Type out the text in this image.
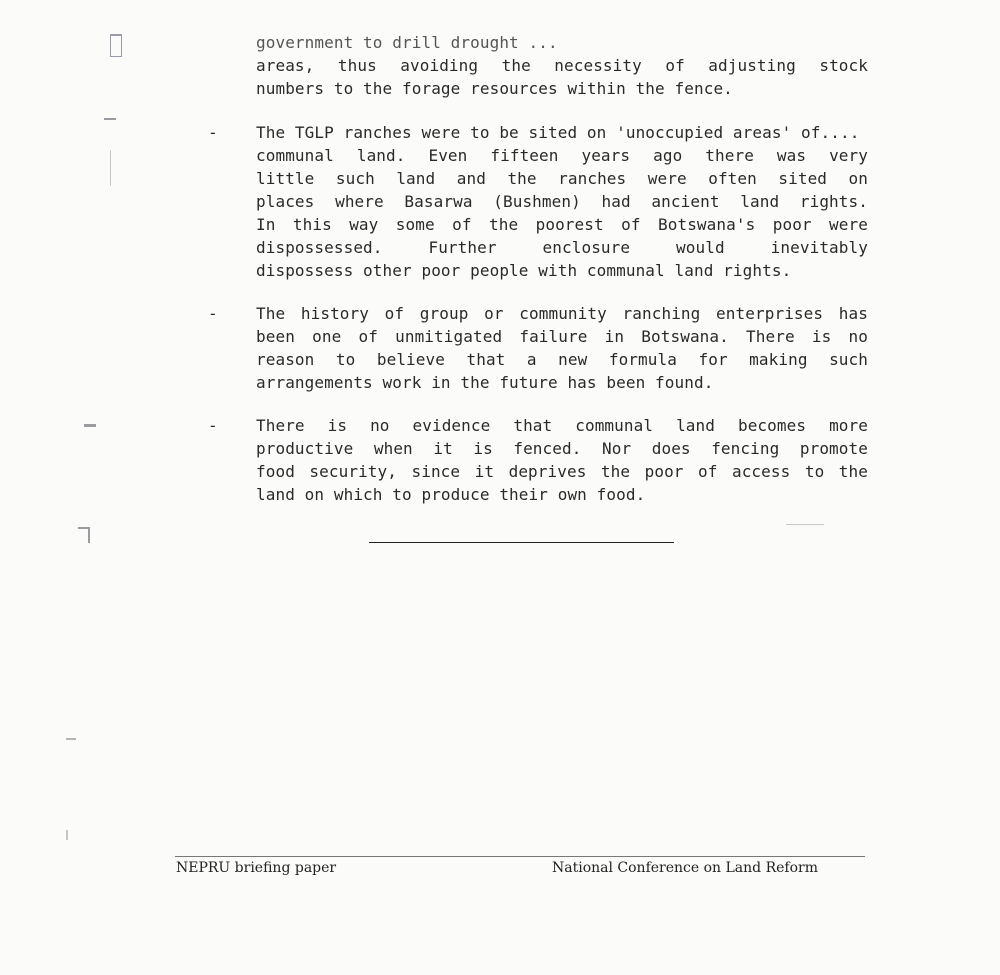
government to drill drought ...
areas, thus avoiding the necessity of adjusting stock
numbers to the forage resources within the fence.
- The TGLP ranches were to be sited on 'unoccupied areas' of....
communal land. Even fifteen years ago there was very
little such land and the ranches were often sited on
places where Basarwa (Bushmen) had ancient land rights.
In this way some of the poorest of Botswana's poor were
dispossessed. Further enclosure would inevitably
dispossess other poor people with communal land rights.
- The history of group or community ranching enterprises has
been one of unmitigated failure in Botswana. There is no
reason to believe that a new formula for making such
arrangements work in the future has been found.
- There is no evidence that communal land becomes more
productive when it is fenced. Nor does fencing promote
food security, since it deprives the poor of access to the
land on which to produce their own food.
NEPRU briefing paper	National Conference on Land Reform
